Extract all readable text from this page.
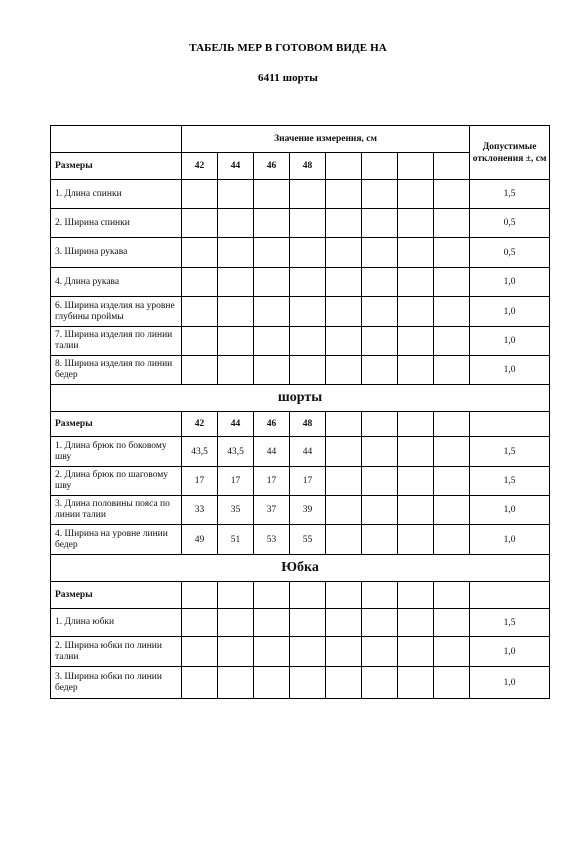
ТАБЕЛЬ МЕР В ГОТОВОМ ВИДЕ НА
6411 шорты
	Значение измерения, см								Допустимые отклонения ±, см
Размеры	42	44	46	48					
1. Длина спинки									1,5
2. Ширина спинки									0,5
3. Ширина рукава									0,5
4. Длина рукава									1,0
6. Ширина изделия на уровне глубины проймы									1,0
7. Ширина изделия по линии талии									1,0
8. Ширина изделия по линии бедер									1,0
шорты									
Размеры	42	44	46	48					
1. Длина брюк по боковому шву	43,5	43,5	44	44					1,5
2. Длина брюк по шаговому шву	17	17	17	17					1,5
3. Длина половины пояса по линии талии	33	35	37	39					1,0
4. Ширина на уровне линии бедер	49	51	53	55					1,0
Юбка									
Размеры									
1. Длина юбки									1,5
2. Ширина юбки по линии талии									1,0
3. Ширина юбки по линии бедер									1,0
